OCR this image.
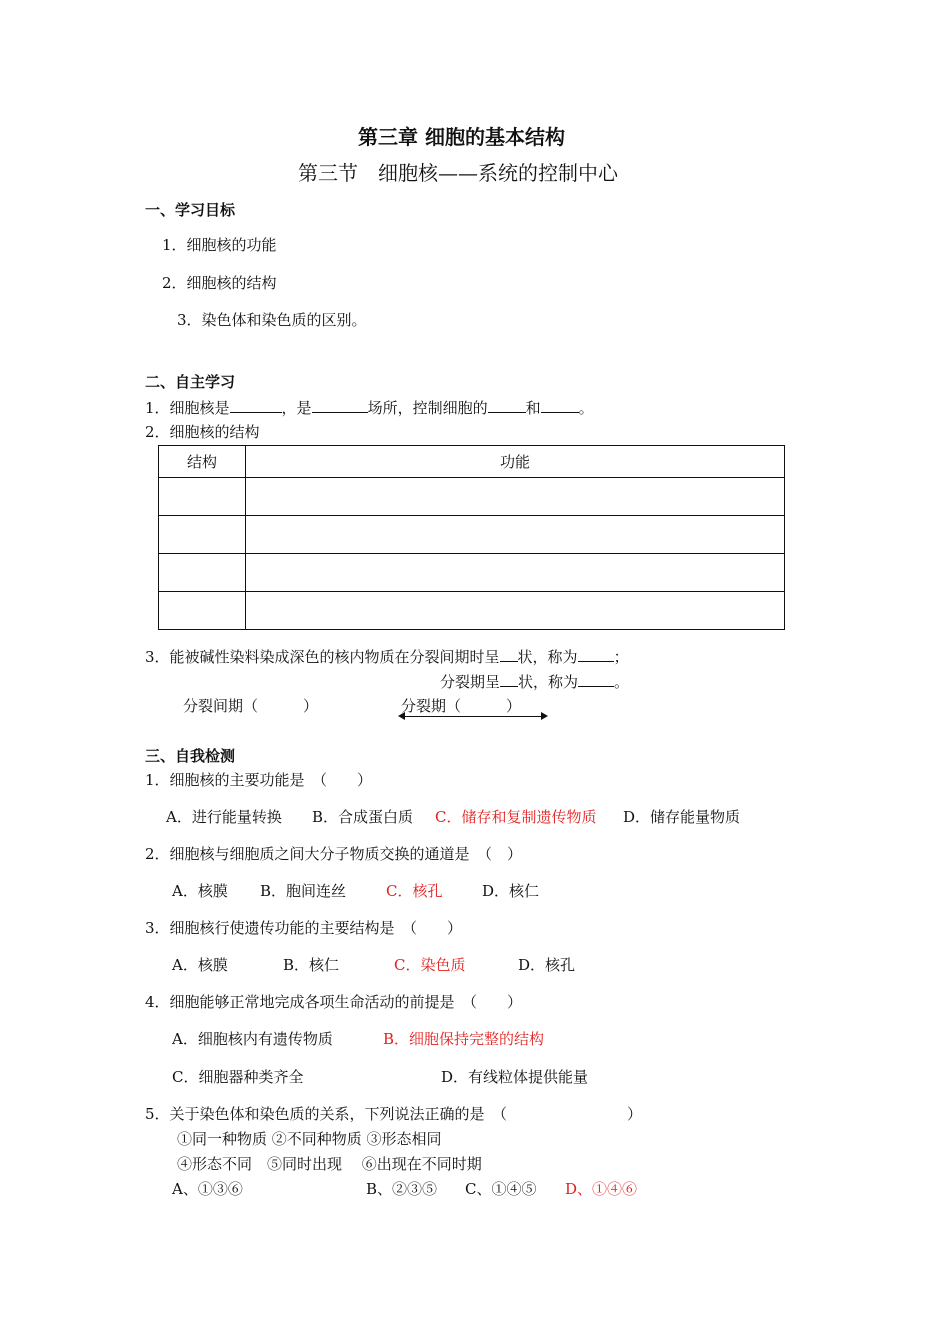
第三章 细胞的基本结构
第三节　细胞核——系统的控制中心
一、学习目标
1．细胞核的功能
2．细胞核的结构
3．染色体和染色质的区别。
二、自主学习
1．细胞核是	，是	场所，控制细胞的	和	。
2．细胞核的结构
结构	功能

3．能被碱性染料染成深色的核内物质在分裂间期时呈 状，称为 ；
分裂期呈 状，称为 。
分裂间期（　　　）	分裂期（　　　）
三、自我检测
1．细胞核的主要功能是　（　　）
A．进行能量转换 B．合成蛋白质 C．储存和复制遗传物质 D．储存能量物质
2．细胞核与细胞质之间大分子物质交换的通道是　（　）
A．核膜 B．胞间连丝	C．核孔	D．核仁
3．细胞核行使遗传功能的主要结构是　（　　）
A．核膜	B．核仁	C．染色质	D．核孔
4．细胞能够正常地完成各项生命活动的前提是　（　　）
A．细胞核内有遗传物质	B．细胞保持完整的结构
C．细胞器种类齐全	D．有线粒体提供能量
5．关于染色体和染色质的关系，下列说法正确的是　（　　　　　　　　）
①同一种物质 ②不同种物质 ③形态相同
④形态不同　⑤同时出现　 ⑥出现在不同时期
A、①③⑥	B、②③⑤ C、①④⑤ D、①④⑥
